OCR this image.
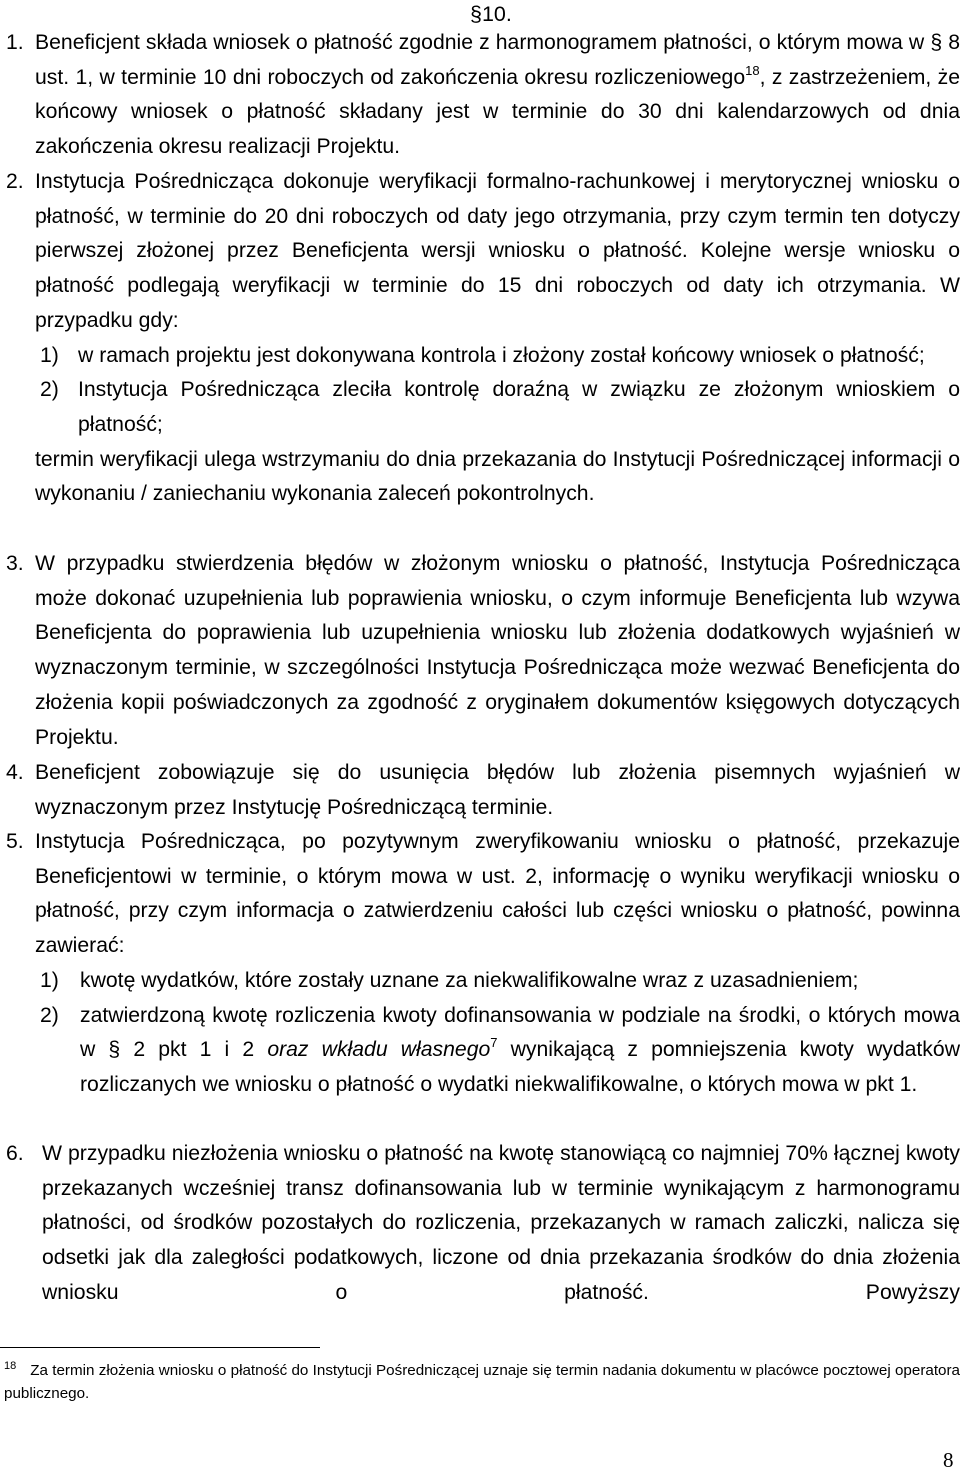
§10.
1. Beneficjent składa wniosek o płatność zgodnie z harmonogramem płatności, o którym mowa w § 8 ust. 1, w terminie 10 dni roboczych od zakończenia okresu rozliczeniowego$^{18}$, z zastrzeżeniem, że końcowy wniosek o płatność składany jest w terminie do 30 dni kalendarzowych od dnia zakończenia okresu realizacji Projektu.
2. Instytucja Pośrednicząca dokonuje weryfikacji formalno-rachunkowej i merytorycznej wniosku o płatność, w terminie do 20 dni roboczych od daty jego otrzymania, przy czym termin ten dotyczy pierwszej złożonej przez Beneficjenta wersji wniosku o płatność. Kolejne wersje wniosku o płatność podlegają weryfikacji w terminie do 15 dni roboczych od daty ich otrzymania. W przypadku gdy:
1) w ramach projektu jest dokonywana kontrola i złożony został końcowy wniosek o płatność;
2) Instytucja Pośrednicząca zleciła kontrolę doraźną w związku ze złożonym wnioskiem o płatność;
termin weryfikacji ulega wstrzymaniu do dnia przekazania do Instytucji Pośredniczącej informacji o wykonaniu / zaniechaniu wykonania zaleceń pokontrolnych.
3. W przypadku stwierdzenia błędów w złożonym wniosku o płatność, Instytucja Pośrednicząca może dokonać uzupełnienia lub poprawienia wniosku, o czym informuje Beneficjenta lub wzywa Beneficjenta do poprawienia lub uzupełnienia wniosku lub złożenia dodatkowych wyjaśnień w wyznaczonym terminie, w szczególności Instytucja Pośrednicząca może wezwać Beneficjenta do złożenia kopii poświadczonych za zgodność z oryginałem dokumentów księgowych dotyczących Projektu.
4. Beneficjent zobowiązuje się do usunięcia błędów lub złożenia pisemnych wyjaśnień w wyznaczonym przez Instytucję Pośredniczącą terminie.
5. Instytucja Pośrednicząca, po pozytywnym zweryfikowaniu wniosku o płatność, przekazuje Beneficjentowi w terminie, o którym mowa w ust. 2, informację o wyniku weryfikacji wniosku o płatność, przy czym informacja o zatwierdzeniu całości lub części wniosku o płatność, powinna zawierać:
1) kwotę wydatków, które zostały uznane za niekwalifikowalne wraz z uzasadnieniem;
2) zatwierdzoną kwotę rozliczenia kwoty dofinansowania w podziale na środki, o których mowa w § 2 pkt 1 i 2 oraz wkładu własnego$^7$ wynikającą z pomniejszenia kwoty wydatków rozliczanych we wniosku o płatność o wydatki niekwalifikowalne, o których mowa w pkt 1.
6. W przypadku niezłożenia wniosku o płatność na kwotę stanowiącą co najmniej 70% łącznej kwoty przekazanych wcześniej transz dofinansowania lub w terminie wynikającym z harmonogramu płatności, od środków pozostałych do rozliczenia, przekazanych w ramach zaliczki, nalicza się odsetki jak dla zaległości podatkowych, liczone od dnia przekazania środków do dnia złożenia wniosku o płatność. Powyższy
$^{18}$ Za termin złożenia wniosku o płatność do Instytucji Pośredniczącej uznaje się termin nadania dokumentu w placówce pocztowej operatora publicznego.
8
